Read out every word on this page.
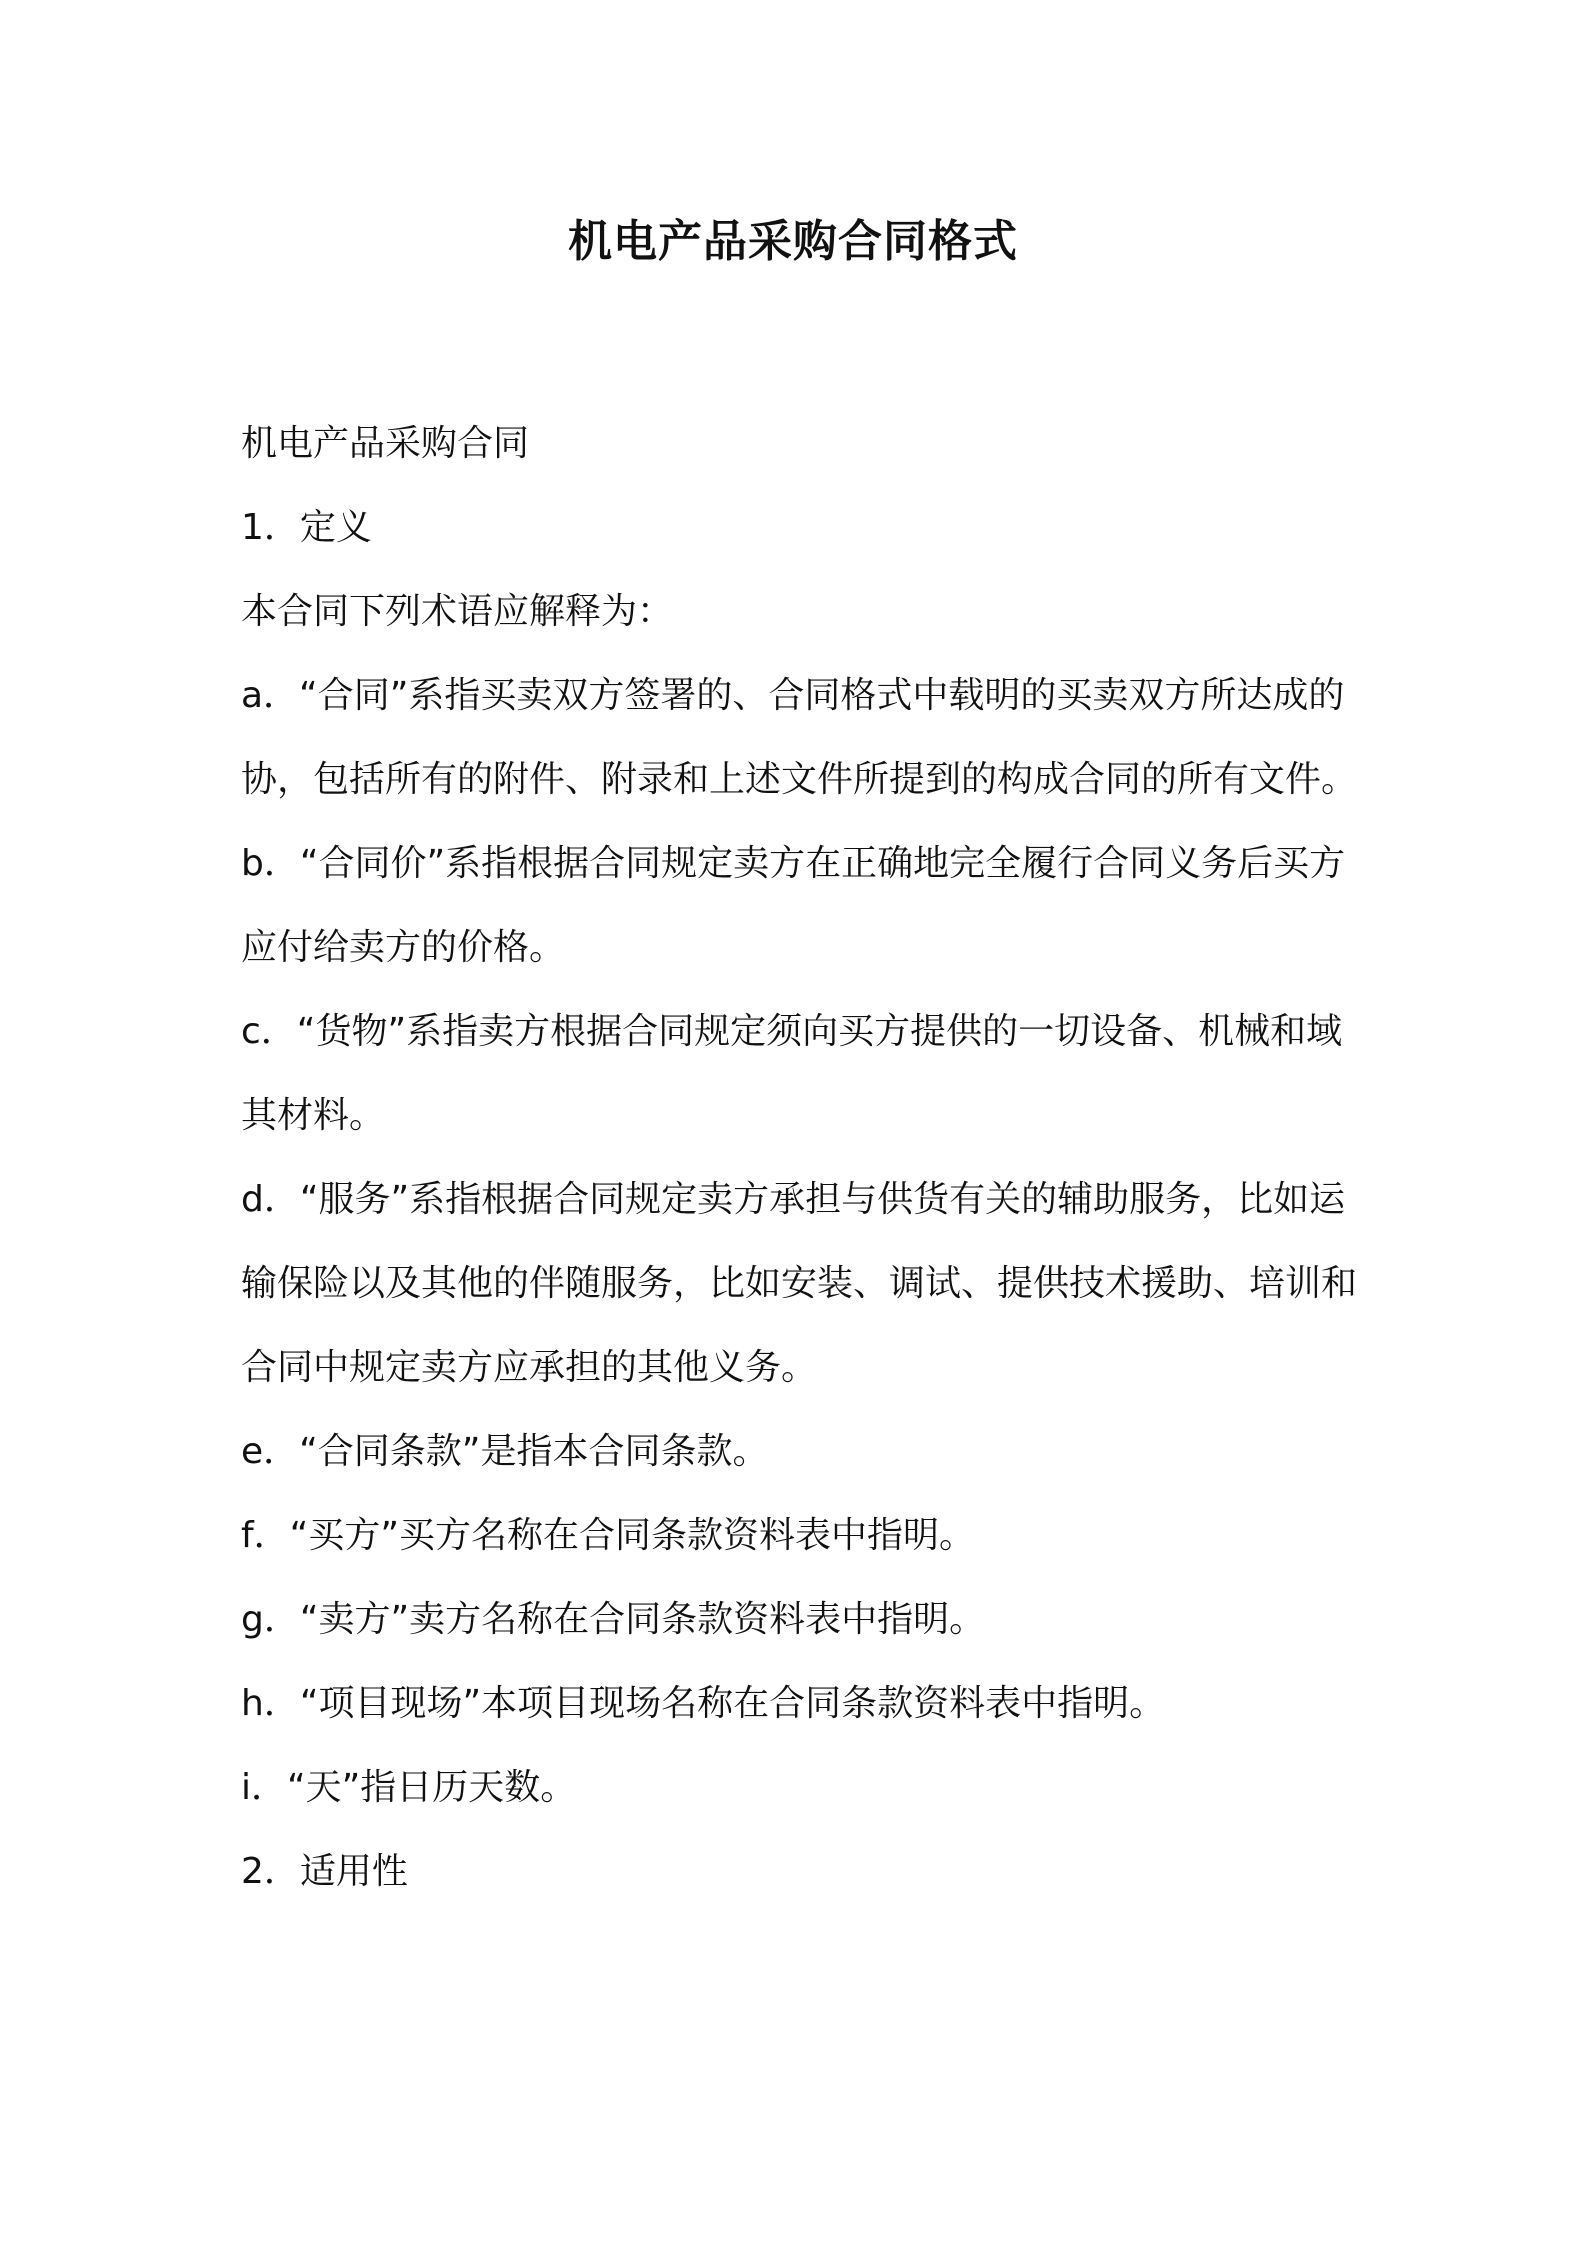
机电产品采购合同格式

机电产品采购合同

1．定义

本合同下列术语应解释为：

a．“合同”系指买卖双方签署的、合同格式中载明的买卖双方所达成的协，包括所有的附件、附录和上述文件所提到的构成合同的所有文件。

b．“合同价”系指根据合同规定卖方在正确地完全履行合同义务后买方应付给卖方的价格。

c．“货物”系指卖方根据合同规定须向买方提供的一切设备、机械和域其材料。

d．“服务”系指根据合同规定卖方承担与供货有关的辅助服务，比如运输保险以及其他的伴随服务，比如安装、调试、提供技术援助、培训和合同中规定卖方应承担的其他义务。

e．“合同条款”是指本合同条款。

f．“买方”买方名称在合同条款资料表中指明。

g．“卖方”卖方名称在合同条款资料表中指明。

h．“项目现场”本项目现场名称在合同条款资料表中指明。

i．“天”指日历天数。

2．适用性
